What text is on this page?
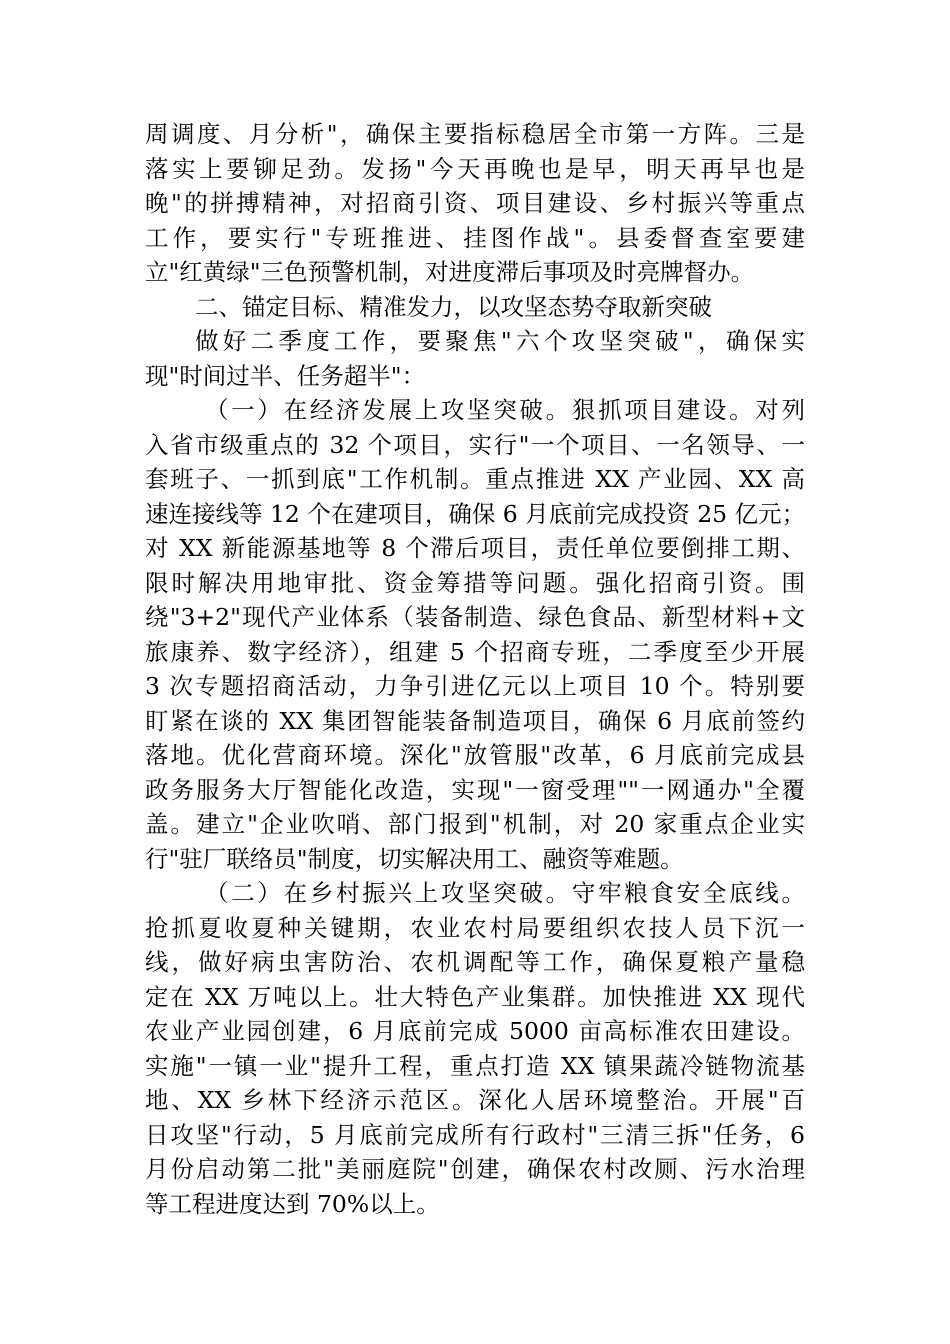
周调度、月分析"，确保主要指标稳居全市第一方阵。三是
落实上要铆足劲。发扬"今天再晚也是早，明天再早也是
晚"的拼搏精神，对招商引资、项目建设、乡村振兴等重点
工作，要实行"专班推进、挂图作战"。县委督查室要建
立"红黄绿"三色预警机制，对进度滞后事项及时亮牌督办。
二、锚定目标、精准发力，以攻坚态势夺取新突破
做好二季度工作，要聚焦"六个攻坚突破"，确保实
现"时间过半、任务超半"：
（一）在经济发展上攻坚突破。狠抓项目建设。对列
入省市级重点的 32 个项目，实行"一个项目、一名领导、一
套班子、一抓到底"工作机制。重点推进 XX 产业园、XX 高
速连接线等 12 个在建项目，确保 6 月底前完成投资 25 亿元；
对 XX 新能源基地等 8 个滞后项目，责任单位要倒排工期、
限时解决用地审批、资金筹措等问题。强化招商引资。围
绕"3+2"现代产业体系（装备制造、绿色食品、新型材料+文
旅康养、数字经济），组建 5 个招商专班，二季度至少开展
3 次专题招商活动，力争引进亿元以上项目 10 个。特别要
盯紧在谈的 XX 集团智能装备制造项目，确保 6 月底前签约
落地。优化营商环境。深化"放管服"改革，6 月底前完成县
政务服务大厅智能化改造，实现"一窗受理""一网通办"全覆
盖。建立"企业吹哨、部门报到"机制，对 20 家重点企业实
行"驻厂联络员"制度，切实解决用工、融资等难题。
（二）在乡村振兴上攻坚突破。守牢粮食安全底线。
抢抓夏收夏种关键期，农业农村局要组织农技人员下沉一
线，做好病虫害防治、农机调配等工作，确保夏粮产量稳
定在 XX 万吨以上。壮大特色产业集群。加快推进 XX 现代
农业产业园创建，6 月底前完成 5000 亩高标准农田建设。
实施"一镇一业"提升工程，重点打造 XX 镇果蔬冷链物流基
地、XX 乡林下经济示范区。深化人居环境整治。开展"百
日攻坚"行动，5 月底前完成所有行政村"三清三拆"任务，6
月份启动第二批"美丽庭院"创建，确保农村改厕、污水治理
等工程进度达到 70%以上。
